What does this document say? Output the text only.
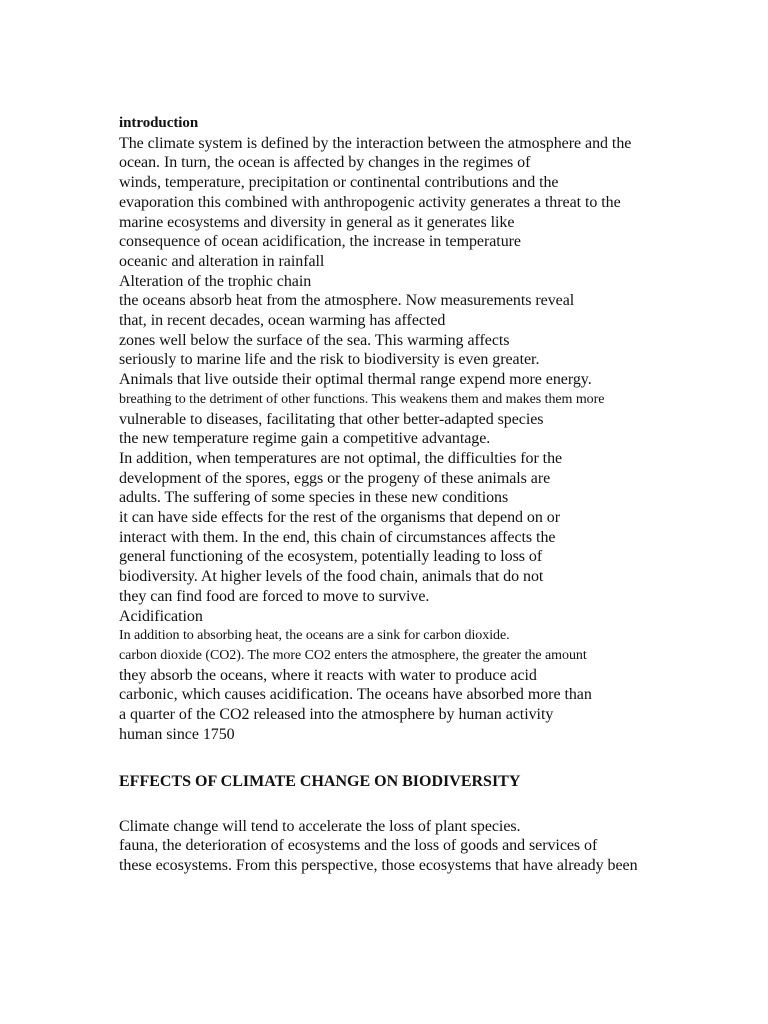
introduction
The climate system is defined by the interaction between the atmosphere and the
ocean. In turn, the ocean is affected by changes in the regimes of
winds, temperature, precipitation or continental contributions and the
evaporation this combined with anthropogenic activity generates a threat to the
marine ecosystems and diversity in general as it generates like
consequence of ocean acidification, the increase in temperature
oceanic and alteration in rainfall
Alteration of the trophic chain
the oceans absorb heat from the atmosphere. Now measurements reveal
that, in recent decades, ocean warming has affected
zones well below the surface of the sea. This warming affects
seriously to marine life and the risk to biodiversity is even greater.
Animals that live outside their optimal thermal range expend more energy.
breathing to the detriment of other functions. This weakens them and makes them more
vulnerable to diseases, facilitating that other better-adapted species
the new temperature regime gain a competitive advantage.
In addition, when temperatures are not optimal, the difficulties for the
development of the spores, eggs or the progeny of these animals are
adults. The suffering of some species in these new conditions
it can have side effects for the rest of the organisms that depend on or
interact with them. In the end, this chain of circumstances affects the
general functioning of the ecosystem, potentially leading to loss of
biodiversity. At higher levels of the food chain, animals that do not
they can find food are forced to move to survive.
Acidification
In addition to absorbing heat, the oceans are a sink for carbon dioxide.
carbon dioxide (CO2). The more CO2 enters the atmosphere, the greater the amount
they absorb the oceans, where it reacts with water to produce acid
carbonic, which causes acidification. The oceans have absorbed more than
a quarter of the CO2 released into the atmosphere by human activity
human since 1750
EFFECTS OF CLIMATE CHANGE ON BIODIVERSITY
Climate change will tend to accelerate the loss of plant species.
fauna, the deterioration of ecosystems and the loss of goods and services of
these ecosystems. From this perspective, those ecosystems that have already been
